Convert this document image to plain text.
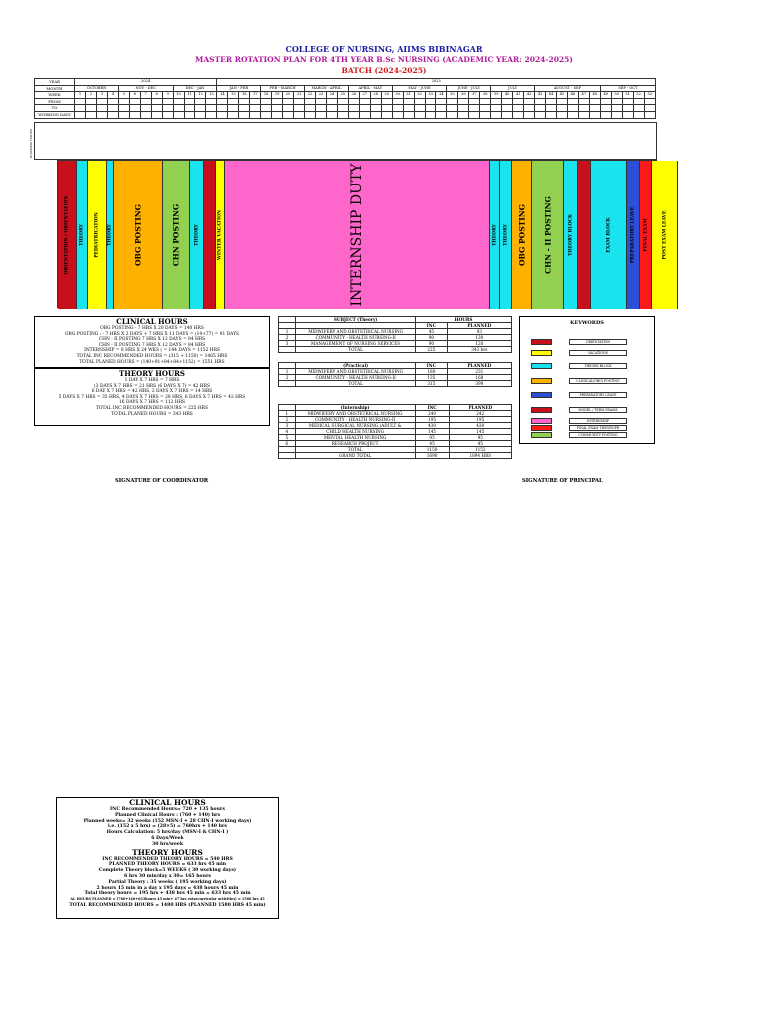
COLLEGE OF NURSING, AIIMS BIBINAGAR
MASTER ROTATION PLAN FOR 4TH YEAR B.Sc NURSING (ACADEMIC YEAR: 2024-2025)
BATCH (2024-2025)
YEAR	2024													2025																																							
MONTH	OCTOBER				NOV - DEC					DEC - JAN				JAN - FEB				FEB - MARCH				MARCH - APRIL				APRIL - MAY				MAY - JUNE					JUNE - JULY				JULY				AUGUST - SEP						SEP - OCT				
WEEK	1	2	3	4	5	6	7	8	9	10	11	12	13	14	15	16	17	18	19	20	21	22	23	24	25	26	27	28	29	30	31	32	33	34	35	36	37	38	39	40	41	42	43	44	45	46	47	48	49	50	51	52	53
FROM																																																					
TO																																																					
WORKING DAYS																																																					
WORKING HOURS
ORIENTATION / ORIENTATION THEORY PEDIATRICATION THEORY	OBG POSTING	CHN POSTING	THEORY	WINTER VACATION	INTERNSHIP DUTY	THEORY THEORY OBG POSTING CHN - II POSTING	THEORY BLOCK	EXAM BLOCK	PREPARATORY LEAVE FINAL EXAM	POST EXAM LEAVE
CLINICAL HOURS
OBG POSTING - 7 HRS X 20 DAYS = 140 HRS
OBG POSTING : - 7 HRS X 2 DAYS + 7 HRS X 11 DAYS = (14+77) = 91 DAYS
CHN - II POSTING 7 HRS X 12 DAYS = 84 HRS
CHN - II POSTING 7 HRS X 12 DAYS = 84 HRS
INTERNSHIP = 8 HRS X 24 WKS ( = 144 DAYS = 1152 HRS
TOTAL INC RECOMMENDED HOURS = (315 + 1150) = 1465 HRS
TOTAL PLANED HOURS = (140+91+84+84+1152) = 1551 HRS
THEORY HOURS
1 DAY X 7 HRS = 7 HRS
(3 DAYS X 7 HRS = 21 HRS (6 DAYS X 7) = 42 HRS
6 DAY X 7 HRS = 42 HRS, 2 DAYS X 7 HRS = 14 HRS
5 DAYS X 7 HRS = 35 HRS, 4 DAYS X 7 HRS = 28 HRS, 6 DAYS X 7 HRS = 42 HRS
16 DAYS X 7 HRS = 112 HRS
TOTAL INC RECOMMENDED HOURS = 225 HRS
TOTAL PLANED HOURS = 343 HRS
	SUBJECT (Theory)	HOURS	
		INC	PLANNED
1	MIDWIFERY AND OBSTETRICAL NURSING	45	93
2	COMMUNITY - HEALTH NURSING-II	90	130
3	MANAGEMENT OF NURSING SERVICES	90	120
	TOTAL	225	343 hrs
	(Practical)	INC	PLANNED
1	MIDWIFERY AND OBSTETRICAL NURSING	180	231
2	COMMUNITY - HEALTH NURSING-II	135	168
	TOTAL	315	399
	(Internship)	INC	PLANNED
1	MIDWIFERY AND OBSTETRICAL NURSING	240	242
2	COMMUNITY - HEALTH NURSING-II	195	195
3	MEDICAL SURGICAL NURSING (ADULT &	430	430
4	CHILD HEALTH NURSING	145	145
5	MENTAL HEALTH NURSING	95	95
6	RESEARCH PROJECT	45	45
	TOTAL	1150	1152
	GRAND TOTAL	1690	1894 HRS
KEYWORDS
ORIENTATION
VACATIONS
THEORY BLOCK
CLINICAL(OBG) POSTING
PREPARATORY LEAVE
MODEL / TERM EXAMS
INTERNSHIP
FINAL EXAM THEORY/PR
COMMUNITY POSTING
SIGNATURE OF COORDINATOR	SIGNATURE OF PRINCIPAL
CLINICAL HOURS
INC Recommended Hours= 720 + 135 hours
Planned Clinical Hours : (760 + 140) hrs
Planned weeks= 32 weeks (152 MSN-I + 28 CHN-I working days)
i.e. (152 x 5 hrs) = (28×5) = 760hrs + 140 hrs
Hours Calculation: 5 hrs/day (MSN-I & CHN-I )
6 Days/Week
30 hrs/week
THEORY HOURS
INC RECOMMENDED THEORY HOURS = 540 HRS
PLANNED THEORY HOURS = 633 hrs 45 min
Complete Theory block=5 WEEKS ( 30 working days)
6 hrs 30 min/day x 30= 165 hours
Partial Theory : 35 weeks ( 195 working days)
2 hours 15 min in a day x 195 days = 438 hours 45 min
Total theory hours = 195 hrs + 438 hrs 45 min = 633 hrs 45 min
AL HOURS PLANNED = (760+140+633hours 45 min+ 47 hrs extracurricular activities) = 1580 hrs 45
TOTAL RECOMMENDED HOURS = 1480 HRS (PLANNED 1580 HRS 45 min)
